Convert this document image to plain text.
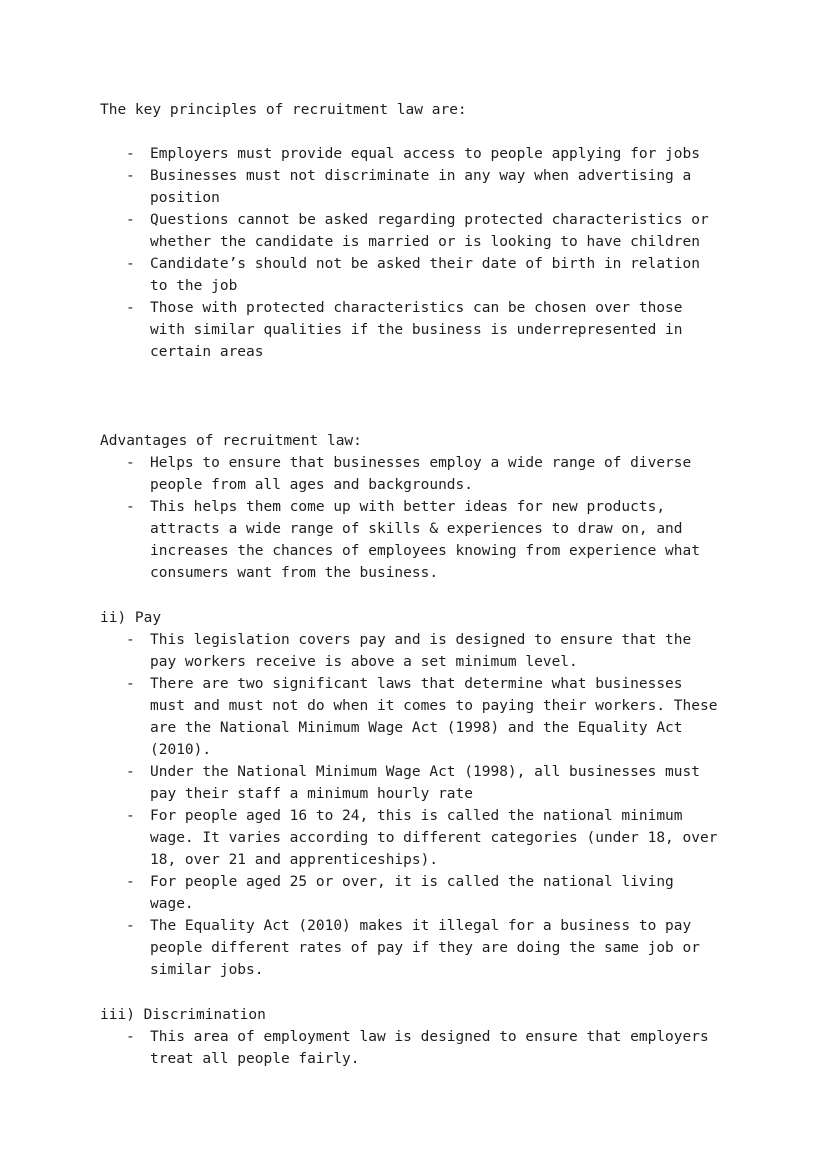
The key principles of recruitment law are:
- Employers must provide equal access to people applying for jobs
- Businesses must not discriminate in any way when advertising a position
- Questions cannot be asked regarding protected characteristics or whether the candidate is married or is looking to have children
- Candidate’s should not be asked their date of birth in relation to the job
- Those with protected characteristics can be chosen over those with similar qualities if the business is underrepresented in certain areas
Advantages of recruitment law:
- Helps to ensure that businesses employ a wide range of diverse people from all ages and backgrounds.
- This helps them come up with better ideas for new products, attracts a wide range of skills & experiences to draw on, and increases the chances of employees knowing from experience what consumers want from the business.
ii) Pay
- This legislation covers pay and is designed to ensure that the pay workers receive is above a set minimum level.
- There are two significant laws that determine what businesses must and must not do when it comes to paying their workers. These are the National Minimum Wage Act (1998) and the Equality Act (2010).
- Under the National Minimum Wage Act (1998), all businesses must pay their staff a minimum hourly rate
- For people aged 16 to 24, this is called the national minimum wage. It varies according to different categories (under 18, over 18, over 21 and apprenticeships).
- For people aged 25 or over, it is called the national living wage.
- The Equality Act (2010) makes it illegal for a business to pay people different rates of pay if they are doing the same job or similar jobs.
iii) Discrimination
- This area of employment law is designed to ensure that employers treat all people fairly.
